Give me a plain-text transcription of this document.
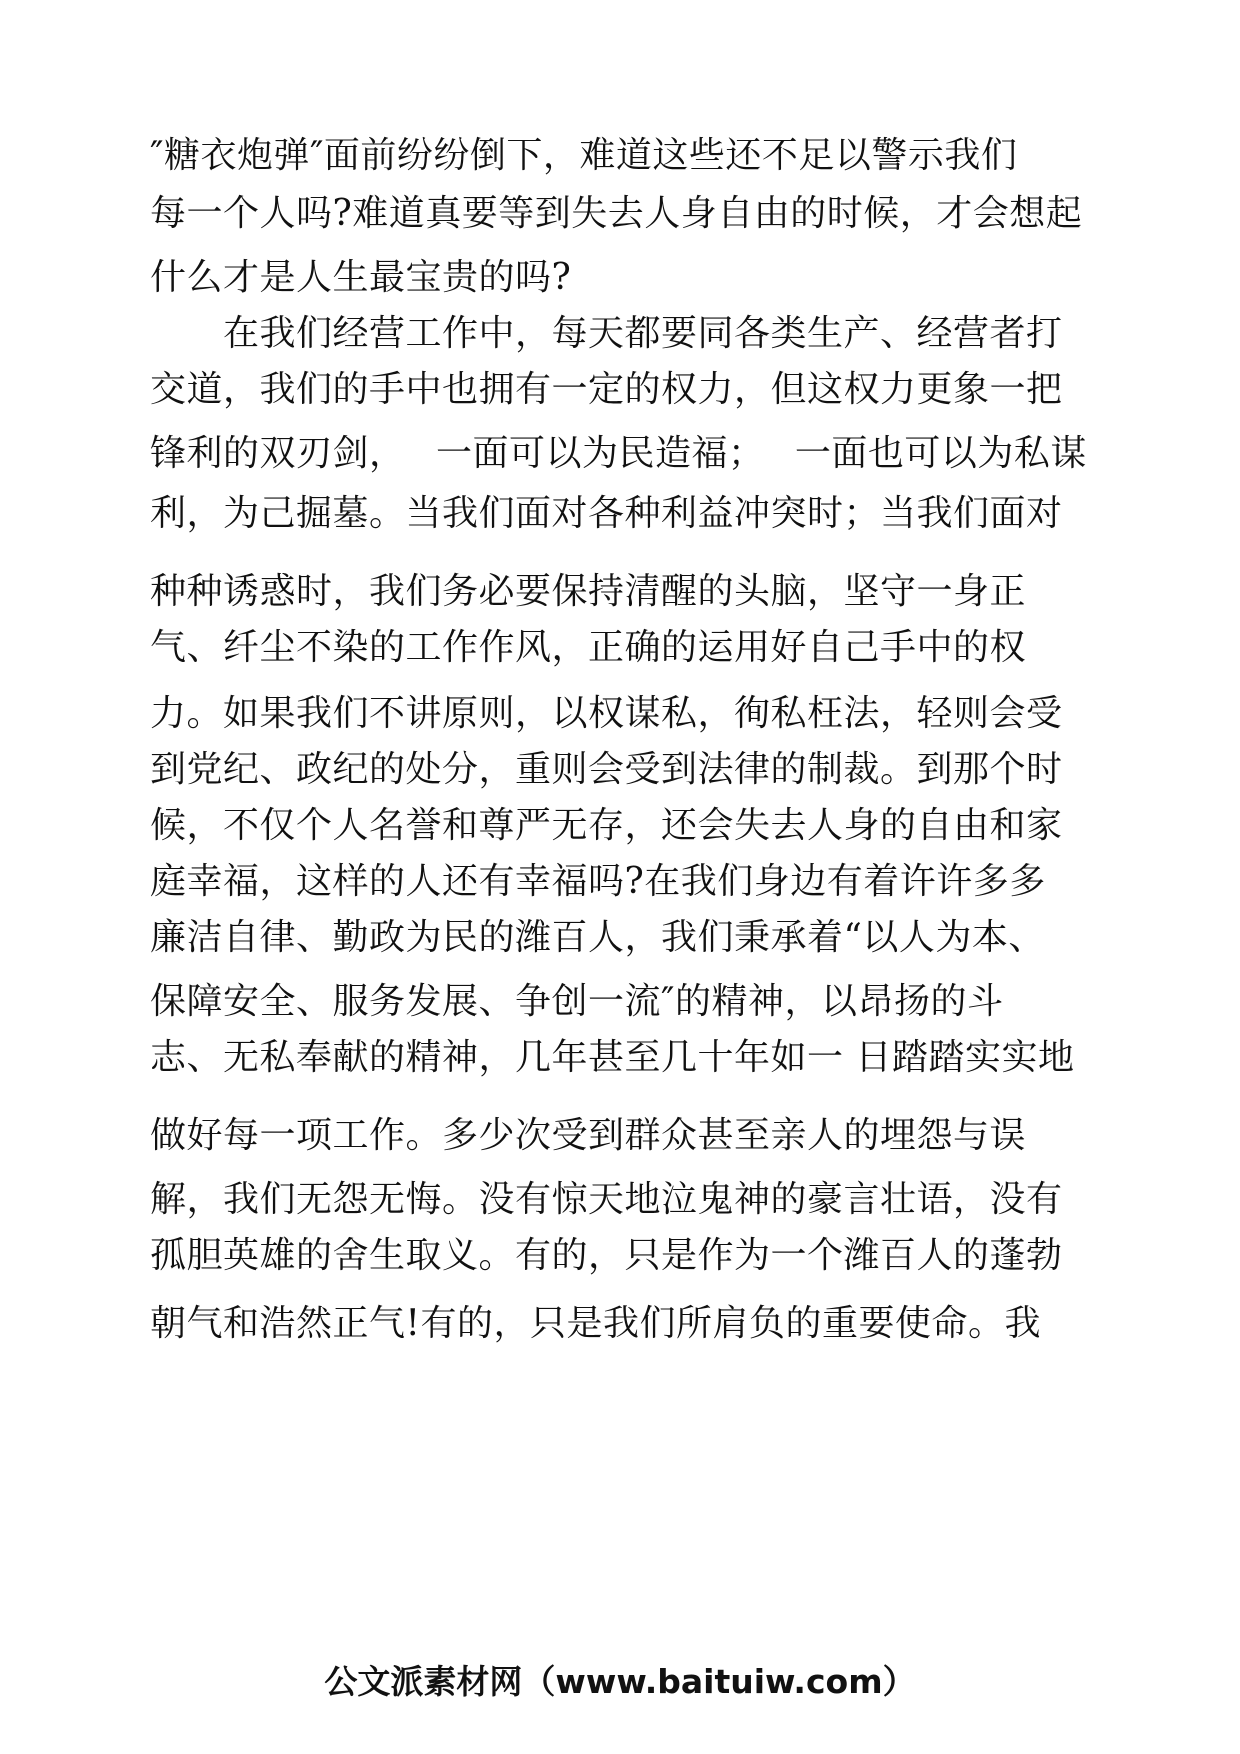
″糖衣炮弹″面前纷纷倒下，难道这些还不足以警示我们
每一个人吗?难道真要等到失去人身自由的时候，才会想起
什么才是人生最宝贵的吗?
　　在我们经营工作中，每天都要同各类生产、经营者打
交道，我们的手中也拥有一定的权力，但这权力更象一把
锋利的双刃剑，　 一面可以为民造福；　 一面也可以为私谋
利，为己掘墓。当我们面对各种利益冲突时；当我们面对
种种诱惑时，我们务必要保持清醒的头脑，坚守一身正
气、纤尘不染的工作作风，正确的运用好自己手中的权
力。如果我们不讲原则，以权谋私，徇私枉法，轻则会受
到党纪、政纪的处分，重则会受到法律的制裁。到那个时
候，不仅个人名誉和尊严无存，还会失去人身的自由和家
庭幸福，这样的人还有幸福吗?在我们身边有着许许多多
廉洁自律、勤政为民的潍百人，我们秉承着“以人为本、
保障安全、服务发展、争创一流″的精神，以昂扬的斗
志、无私奉献的精神，几年甚至几十年如一 日踏踏实实地
做好每一项工作。多少次受到群众甚至亲人的埋怨与误
解，我们无怨无悔。没有惊天地泣鬼神的豪言壮语，没有
孤胆英雄的舍生取义。有的，只是作为一个潍百人的蓬勃
朝气和浩然正气!有的，只是我们所肩负的重要使命。我
公文派素材网（www.baituiw.com）
